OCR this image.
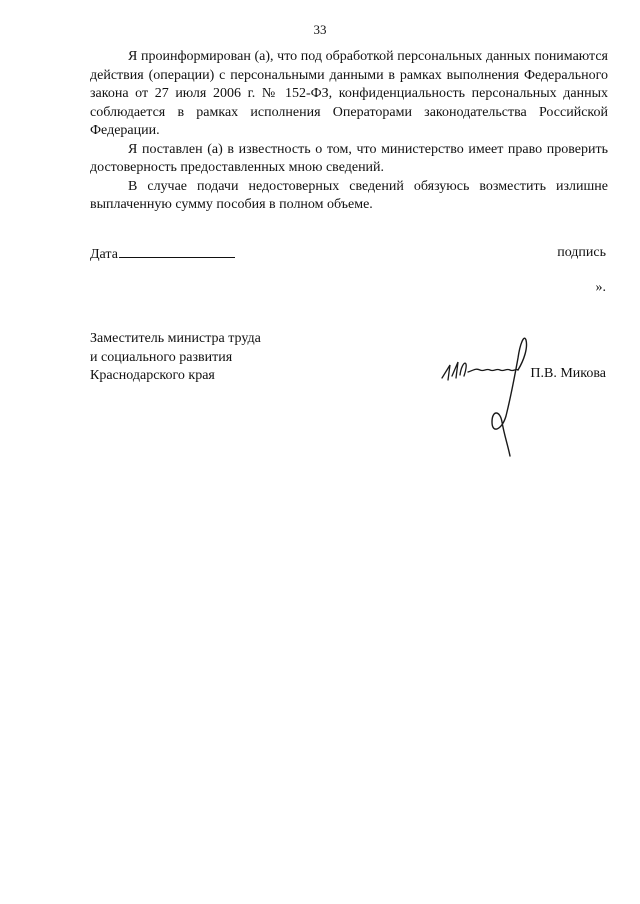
33

Я проинформирован (а), что под обработкой персональных данных понимаются действия (операции) с персональными данными в рамках выполнения Федерального закона от 27 июля 2006 г. № 152-ФЗ, конфиденциальность персональных данных соблюдается в рамках исполнения Операторами законодательства Российской Федерации.

Я поставлен (а) в известность о том, что министерство имеет право проверить достоверность предоставленных мною сведений.

В случае подачи недостоверных сведений обязуюсь возместить излишне выплаченную сумму пособия в полном объеме.

Дата	подпись
».
Заместитель министра труда
и социального развития
Краснодарского края	П.В. Микова
